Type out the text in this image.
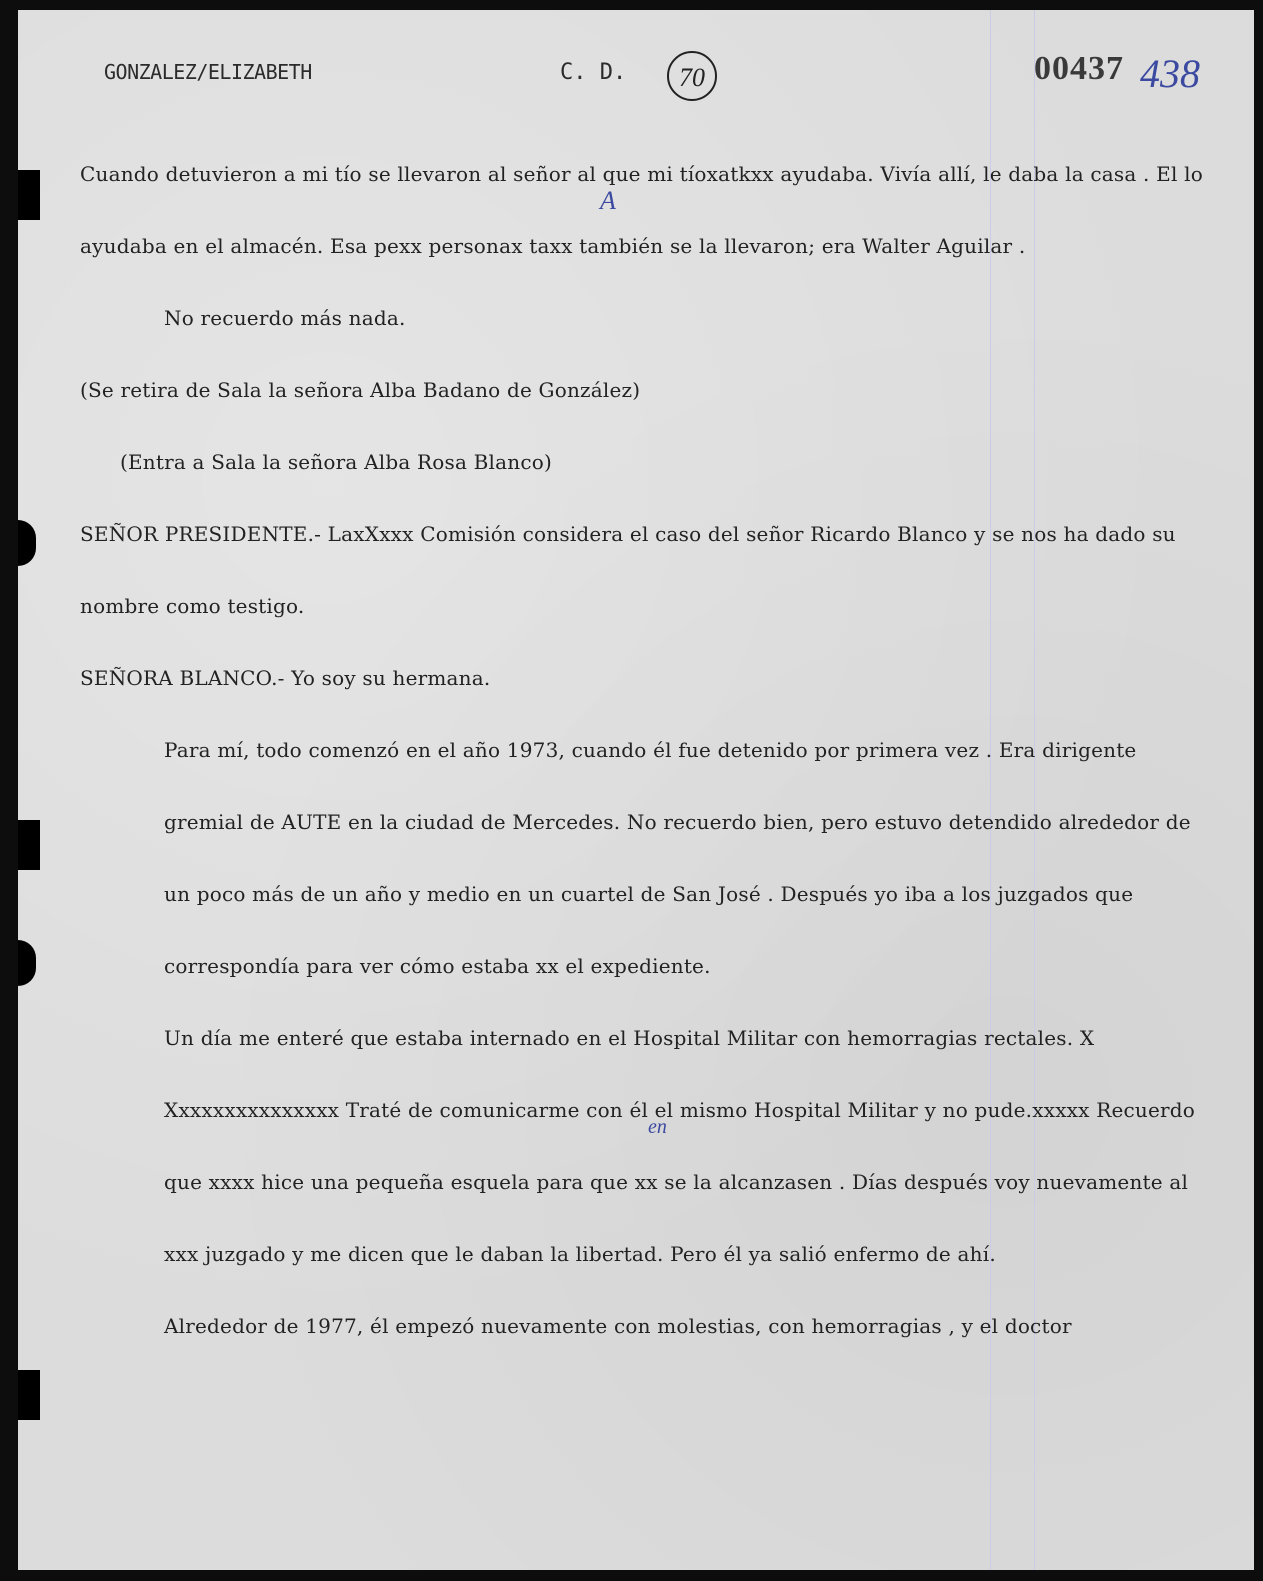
GONZALEZ/ELIZABETH	C. D. 70	00437 438
A
en

Cuando detuvieron a mi tío se llevaron al señor al que mi tíoxatkxx ayudaba. Vivía allí, le daba la casa . El lo ayudaba en el almacén. Esa pexx personax taxx también se la llevaron; era Walter Aguilar .

No recuerdo más nada.

(Se retira de Sala la señora Alba Badano de González)

(Entra a Sala la señora Alba Rosa Blanco)

SEÑOR PRESIDENTE.- LaxXxxx Comisión considera el caso del señor Ricardo Blanco y se nos ha dado su nombre como testigo.

SEÑORA BLANCO.- Yo soy su hermana.

Para mí, todo comenzó en el año 1973, cuando él fue detenido por primera vez . Era dirigente gremial de AUTE en la ciudad de Mercedes. No recuerdo bien, pero estuvo detendido alrededor de un poco más de un año y medio en un cuartel de San José . Después yo iba a los juzgados que correspondía para ver cómo estaba xx el expediente.

Un día me enteré que estaba internado en el Hospital Militar con hemorragias rectales. X Xxxxxxxxxxxxxxx Traté de comunicarme con él el mismo Hospital Militar y no pude.xxxxx Recuerdo que xxxx hice una pequeña esquela para que xx se la alcanzasen . Días después voy nuevamente al xxx juzgado y me dicen que le daban la libertad. Pero él ya salió enfermo de ahí.

Alrededor de 1977, él empezó nuevamente con molestias, con hemorragias , y el doctor
